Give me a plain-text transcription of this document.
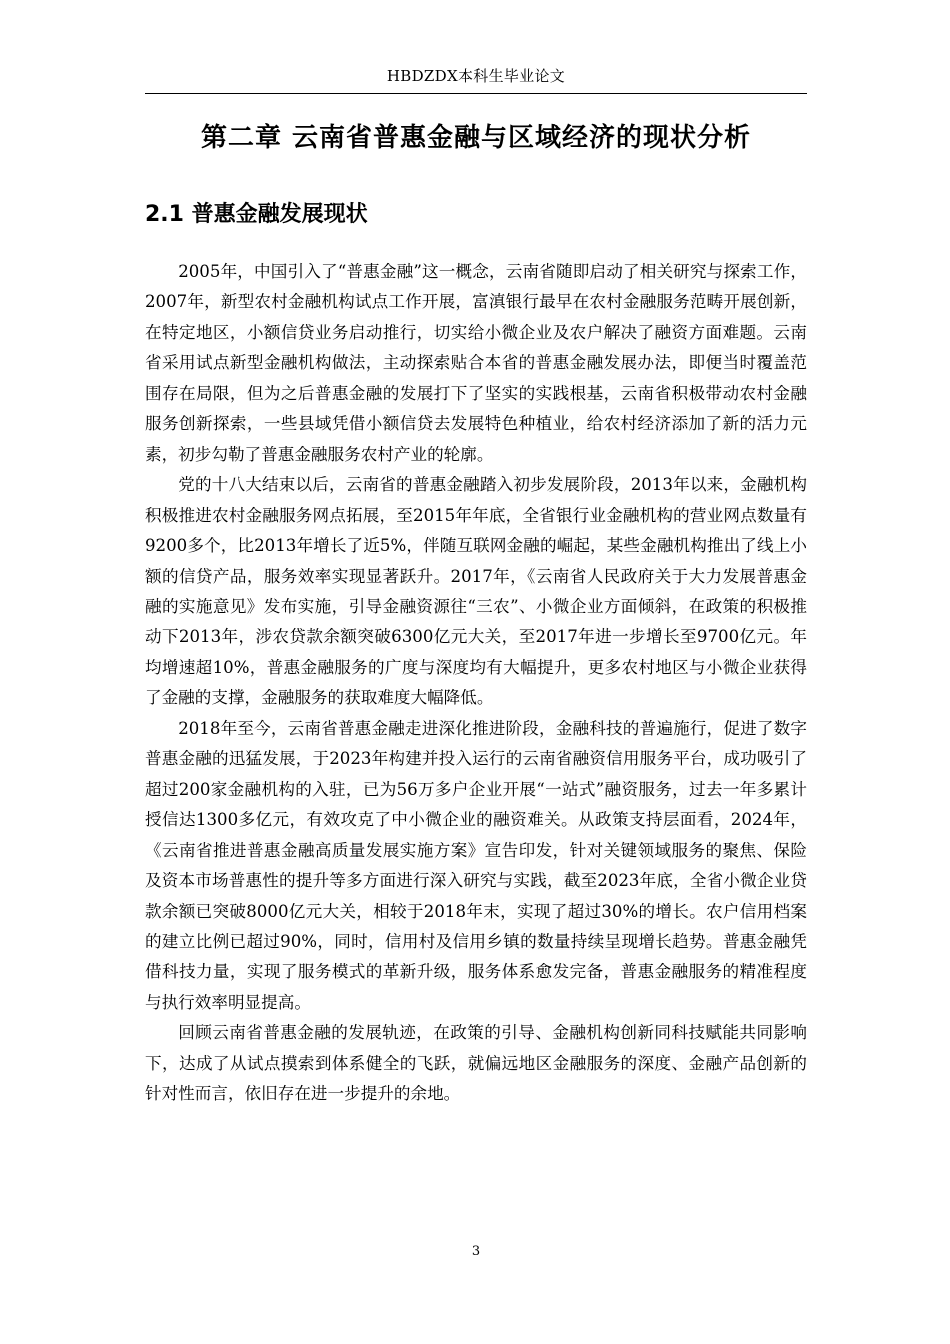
HBDZDX本科生毕业论文
第二章 云南省普惠金融与区域经济的现状分析
2.1 普惠金融发展现状

2005年，中国引入了“普惠金融”这一概念，云南省随即启动了相关研究与探索工作，2007年，新型农村金融机构试点工作开展，富滇银行最早在农村金融服务范畴开展创新，在特定地区，小额信贷业务启动推行，切实给小微企业及农户解决了融资方面难题。云南省采用试点新型金融机构做法，主动探索贴合本省的普惠金融发展办法，即便当时覆盖范围存在局限，但为之后普惠金融的发展打下了坚实的实践根基，云南省积极带动农村金融服务创新探索，一些县域凭借小额信贷去发展特色种植业，给农村经济添加了新的活力元素，初步勾勒了普惠金融服务农村产业的轮廓。

党的十八大结束以后，云南省的普惠金融踏入初步发展阶段，2013年以来，金融机构积极推进农村金融服务网点拓展，至2015年年底，全省银行业金融机构的营业网点数量有9200多个，比2013年增长了近5%，伴随互联网金融的崛起，某些金融机构推出了线上小额的信贷产品，服务效率实现显著跃升。2017年，《云南省人民政府关于大力发展普惠金融的实施意见》发布实施，引导金融资源往“三农”、小微企业方面倾斜，在政策的积极推动下2013年，涉农贷款余额突破6300亿元大关，至2017年进一步增长至9700亿元。年均增速超10%，普惠金融服务的广度与深度均有大幅提升，更多农村地区与小微企业获得了金融的支撑，金融服务的获取难度大幅降低。

2018年至今，云南省普惠金融走进深化推进阶段，金融科技的普遍施行，促进了数字普惠金融的迅猛发展，于2023年构建并投入运行的云南省融资信用服务平台，成功吸引了超过200家金融机构的入驻，已为56万多户企业开展“一站式”融资服务，过去一年多累计授信达1300多亿元，有效攻克了中小微企业的融资难关。从政策支持层面看，2024年，《云南省推进普惠金融高质量发展实施方案》宣告印发，针对关键领域服务的聚焦、保险及资本市场普惠性的提升等多方面进行深入研究与实践，截至2023年底，全省小微企业贷款余额已突破8000亿元大关，相较于2018年末，实现了超过30%的增长。农户信用档案的建立比例已超过90%，同时，信用村及信用乡镇的数量持续呈现增长趋势。普惠金融凭借科技力量，实现了服务模式的革新升级，服务体系愈发完备，普惠金融服务的精准程度与执行效率明显提高。

回顾云南省普惠金融的发展轨迹，在政策的引导、金融机构创新同科技赋能共同影响下，达成了从试点摸索到体系健全的飞跃，就偏远地区金融服务的深度、金融产品创新的针对性而言，依旧存在进一步提升的余地。

3
